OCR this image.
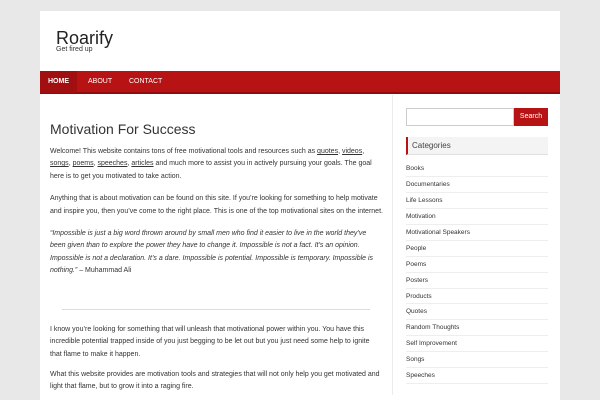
Roarify
Get fired up
HOME	ABOUT CONTACT
Motivation For Success

Welcome! This website contains tons of free motivational tools and resources such as quotes, videos, songs, poems, speeches, articles and much more to assist you in actively pursuing your goals. The goal here is to get you motivated to take action.

Anything that is about motivation can be found on this site. If you’re looking for something to help motivate and inspire you, then you’ve come to the right place. This is one of the top motivational sites on the internet.

“Impossible is just a big word thrown around by small men who find it easier to live in the world they’ve been given than to explore the power they have to change it. Impossible is not a fact. It’s an opinion. Impossible is not a declaration. It’s a dare. Impossible is potential. Impossible is temporary. Impossible is nothing.” – Muhammad Ali

I know you’re looking for something that will unleash that motivational power within you. You have this incredible potential trapped inside of you just begging to be let out but you just need some help to ignite that flame to make it happen.

What this website provides are motivation tools and strategies that will not only help you get motivated and light that flame, but to grow it into a raging fire.

Search
Categories
Books
Documentaries
Life Lessons
Motivation
Motivational Speakers
People
Poems
Posters
Products
Quotes
Random Thoughts
Self Improvement
Songs
Speeches
